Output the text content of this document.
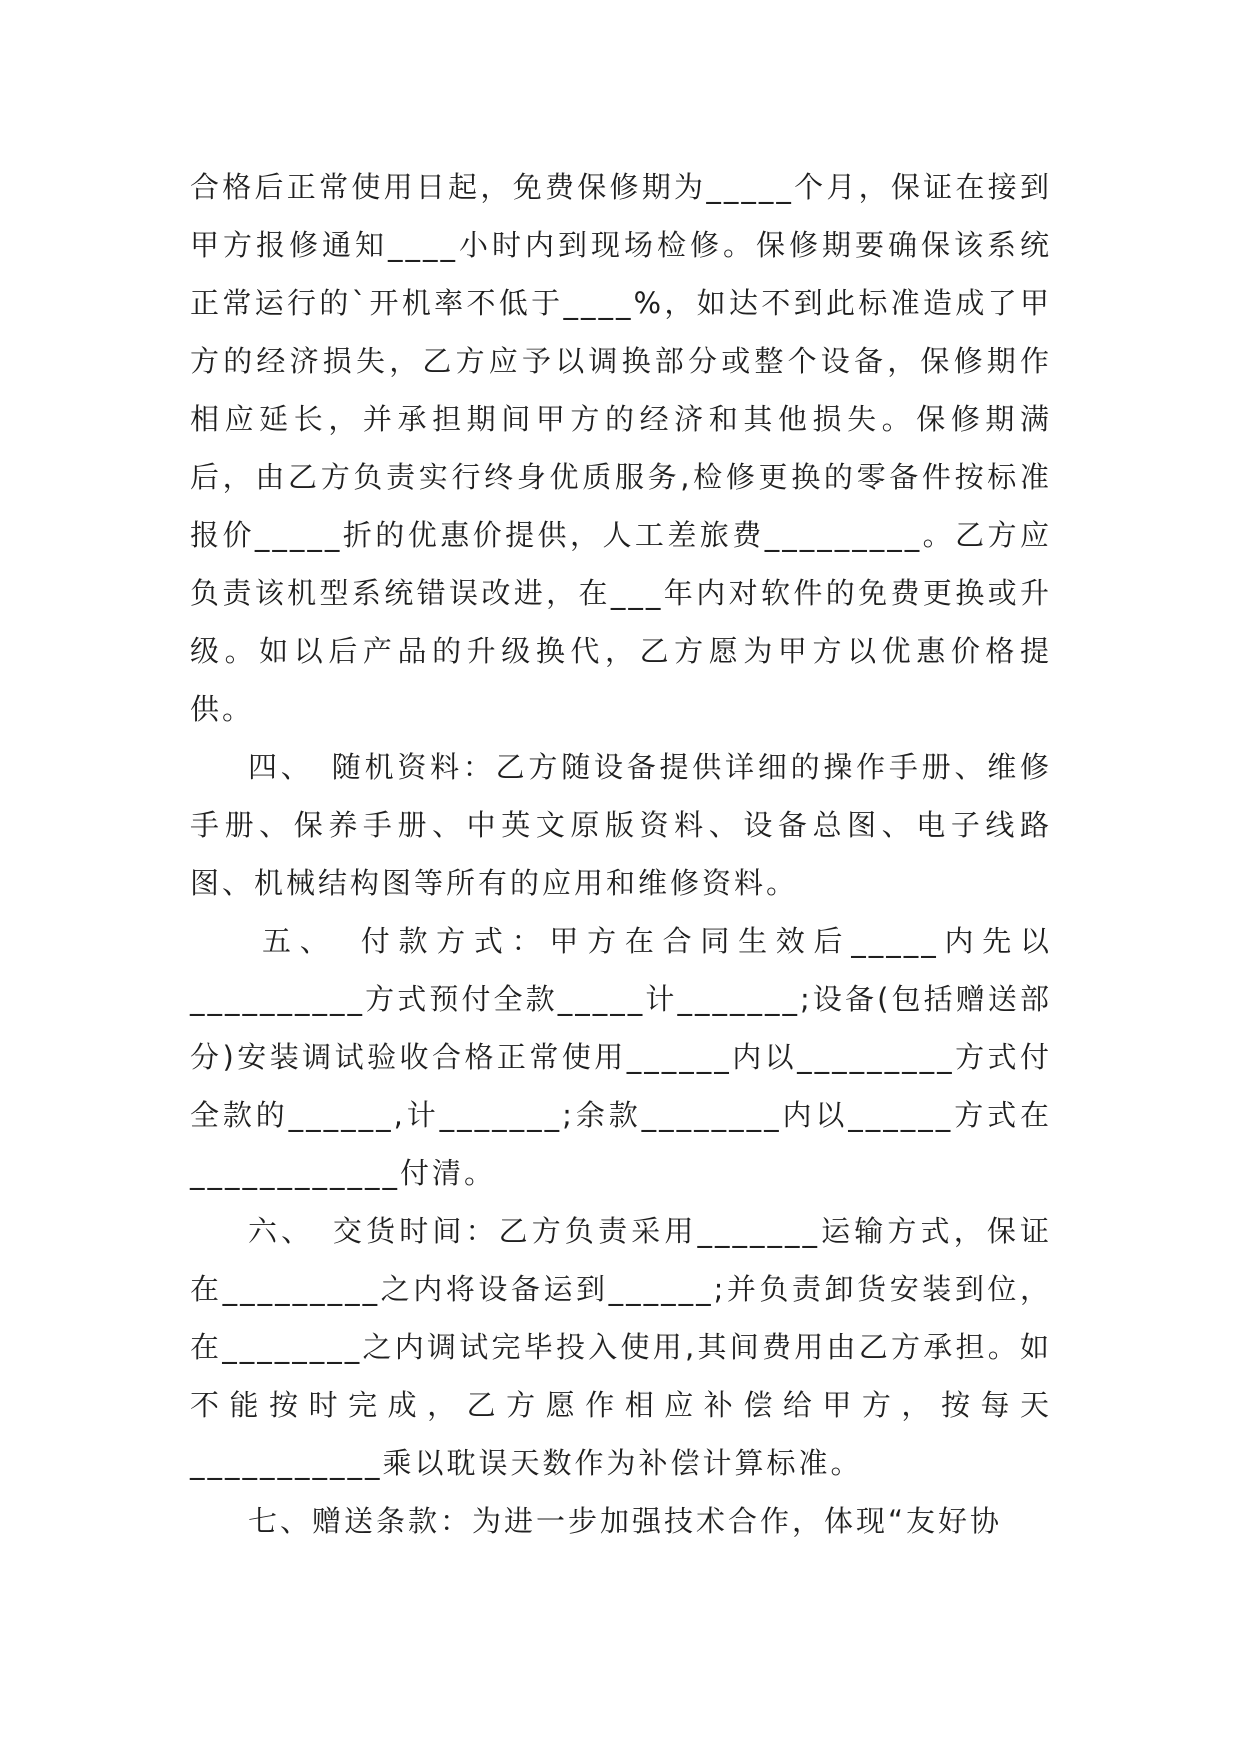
合格后正常使用日起，免费保修期为_____个月，保证在接到甲方报修通知____小时内到现场检修。保修期要确保该系统正常运行的`开机率不低于____%，如达不到此标准造成了甲方的经济损失，乙方应予以调换部分或整个设备，保修期作相应延长，并承担期间甲方的经济和其他损失。保修期满后，由乙方负责实行终身优质服务,检修更换的零备件按标准报价_____折的优惠价提供，人工差旅费_________。乙方应负责该机型系统错误改进，在___年内对软件的免费更换或升级。如以后产品的升级换代，乙方愿为甲方以优惠价格提供。

四、　随机资料：乙方随设备提供详细的操作手册、维修手册、保养手册、中英文原版资料、设备总图、电子线路图、机械结构图等所有的应用和维修资料。

五、　付款方式：甲方在合同生效后_____内先以__________方式预付全款_____计_______;设备(包括赠送部分)安装调试验收合格正常使用______内以_________方式付全款的______,计_______;余款________内以______方式在____________付清。

六、　交货时间：乙方负责采用_______运输方式，保证在_________之内将设备运到______;并负责卸货安装到位，在________之内调试完毕投入使用,其间费用由乙方承担。如不能按时完成，乙方愿作相应补偿给甲方，按每天___________乘以耽误天数作为补偿计算标准。

七、赠送条款：为进一步加强技术合作，体现“友好协
